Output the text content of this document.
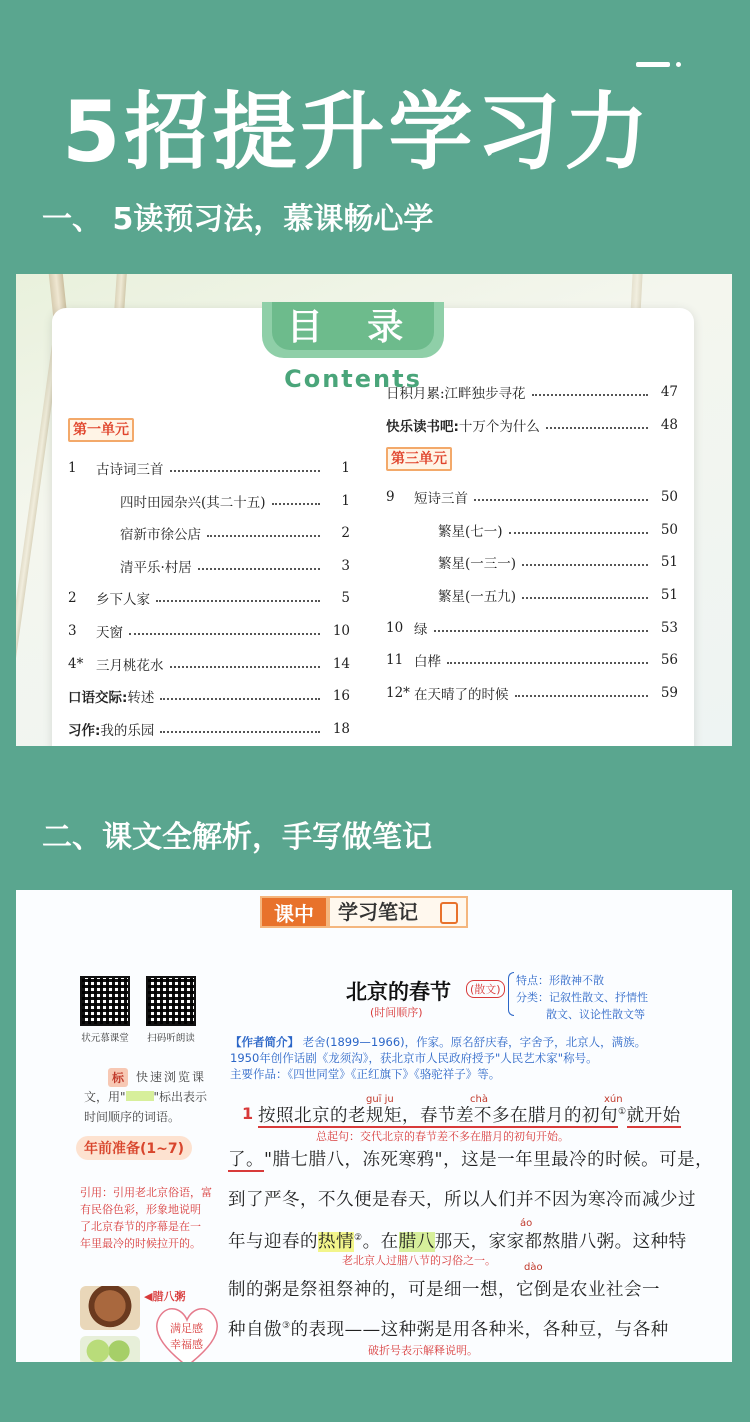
5招提升学习力
一、 5读预习法，慕课畅心学
目 录
Contents
第一单元
1	古诗词三首	1
四时田园杂兴(其二十五)	1
宿新市徐公店	2
清平乐·村居	3
2	乡下人家	5
3	天窗	10
4* 三月桃花水	14
口语交际: 转述	16
习作: 我的乐园	18
日积月累:江畔独步寻花	47
快乐读书吧: 十万个为什么	48
第三单元
9	短诗三首	50
繁星(七一)	50
繁星(一三一)	51
繁星(一五九)	51
10 绿	53
11 白桦	56
12* 在天晴了的时候	59
二、课文全解析，手写做笔记
课中	学习笔记
状元慕课堂	扫码听朗读
北京的春节
(时间顺序)
(散文)
特点：形散神不散
分类：记叙性散文、抒情性
散文、议论性散文等
【作者简介】 老舍(1899—1966)，作家。原名舒庆春，字舍予，北京人，满族。
1950年创作话剧《龙须沟》，获北京市人民政府授予"人民艺术家"称号。
主要作品：《四世同堂》《正红旗下》《骆驼祥子》等。
标 快速浏览课
文，用" "标出表示
时间顺序的词语。
年前准备(1~7)
引用：引用老北京俗语，富
有民俗色彩，形象地说明
了北京春节的序幕是在一
年里最冷的时候拉开的。
guī ju	chà	xún
1 按照北京的老规矩，春节差不多在腊月的初旬①就开始
总起句：交代北京的春节差不多在腊月的初旬开始。
了。"腊七腊八，冻死寒鸦"，这是一年里最冷的时候。可是，
到了严冬，不久便是春天，所以人们并不因为寒冷而减少过
áo
年与迎春的热情②。在腊八那天，家家都熬腊八粥。这种特
老北京人过腊八节的习俗之一。
dào
制的粥是祭祖祭神的，可是细一想，它倒是农业社会一
种自傲③的表现——这种粥是用各种米，各种豆，与各种
破折号表示解释说明。
◀腊八粥
满足感
幸福感
